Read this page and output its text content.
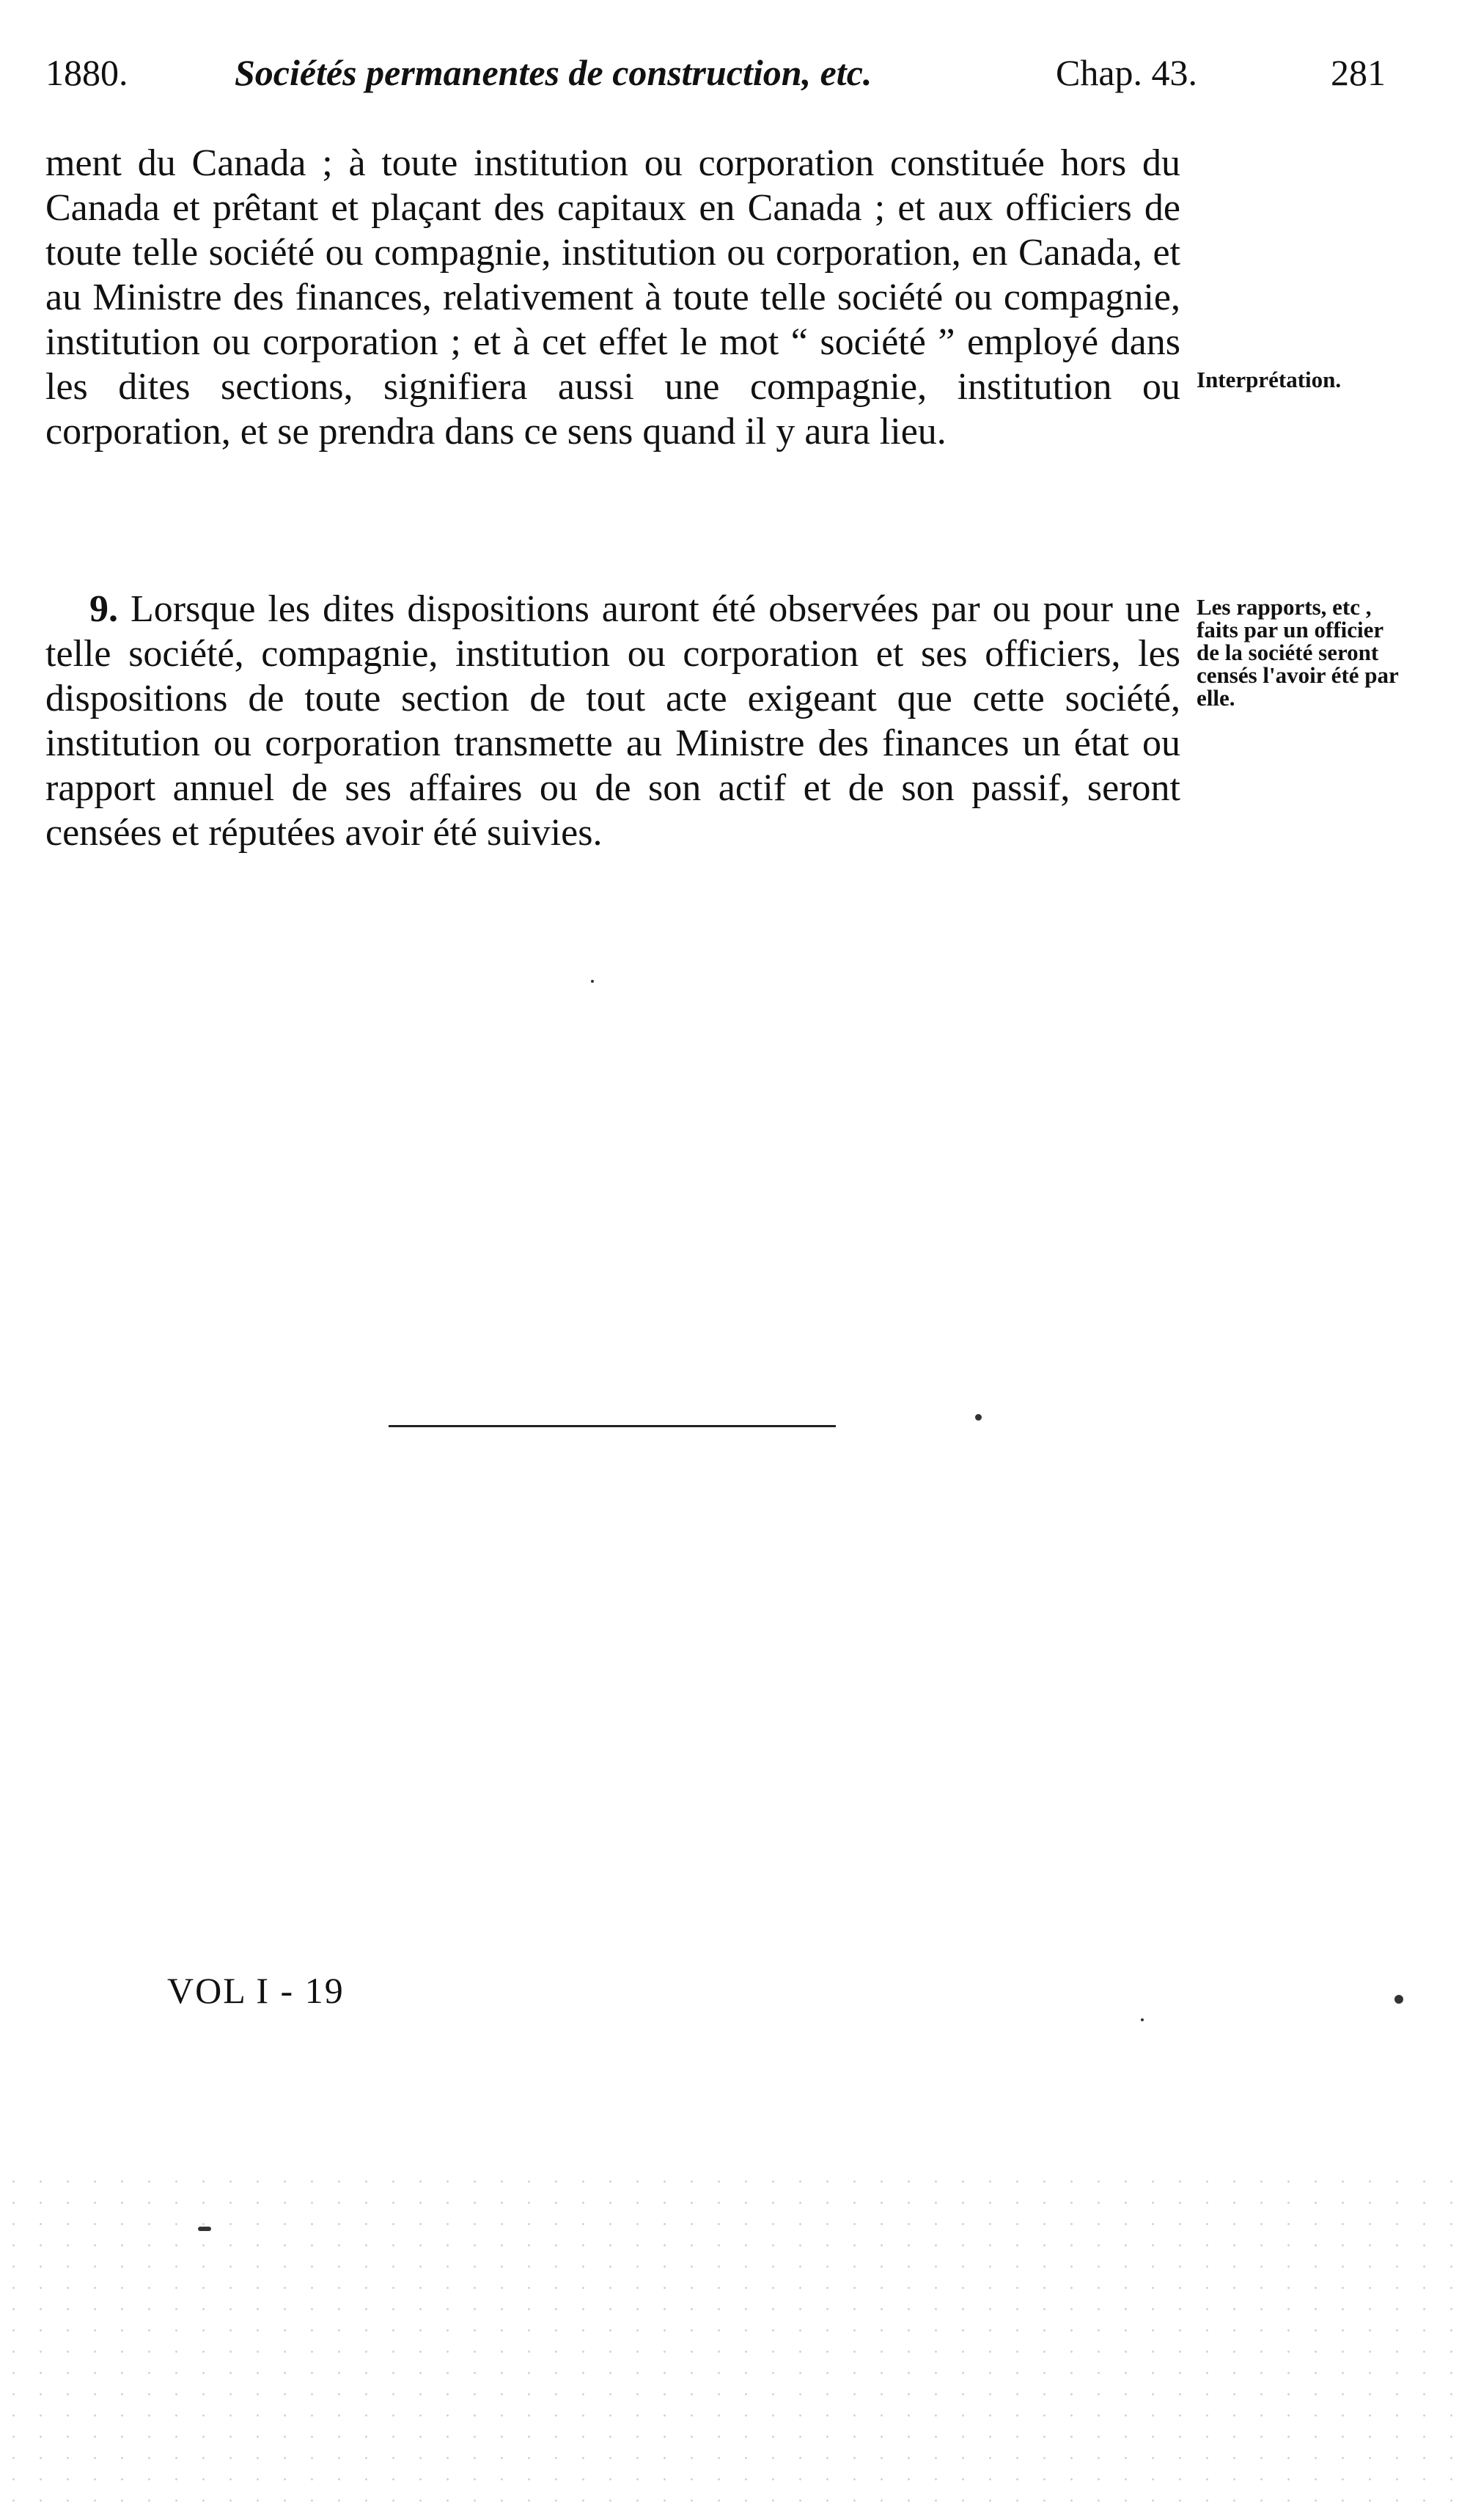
1880.	Sociétés permanentes de construction, etc.	Chap. 43.	281

ment du Canada ; à toute institution ou corporation constituée hors du Canada et prêtant et plaçant des capitaux en Canada ; et aux officiers de toute telle société ou compagnie, institution ou corporation, en Canada, et au Ministre des finances, relativement à toute telle société ou compagnie, institution ou corporation ; et à cet effet le mot “ société ” employé dans les dites sections, signifiera aussi une compagnie, institution ou corporation, et se prendra dans ce sens quand il y aura lieu.

Interprétation.

9. Lorsque les dites dispositions auront été observées par ou pour une telle société, compagnie, institution ou corporation et ses officiers, les dispositions de toute section de tout acte exigeant que cette société, institution ou corporation transmette au Ministre des finances un état ou rapport annuel de ses affaires ou de son actif et de son passif, seront censées et réputées avoir été suivies.

Les rapports, etc , faits par un officier de la société seront censés l'avoir été par elle.
VOL I - 19
